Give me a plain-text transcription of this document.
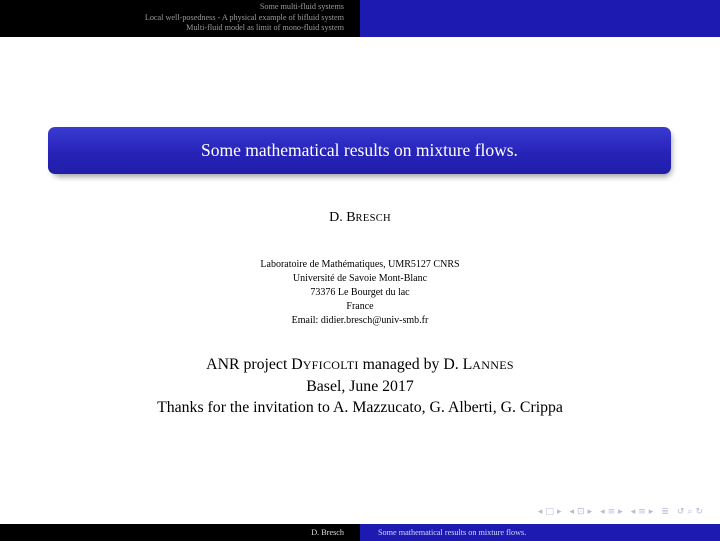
Some multi-fluid systems
Local well-posedness - A physical example of bifluid system
Multi-fluid model as limit of mono-fluid system
Some mathematical results on mixture flows.
D. BRESCH
Laboratoire de Mathématiques, UMR5127 CNRS
Université de Savoie Mont-Blanc
73376 Le Bourget du lac
France
Email: didier.bresch@univ-smb.fr
ANR project DYFICOLTI managed by D. LANNES
Basel, June 2017
Thanks for the invitation to A. Mazzucato, G. Alberti, G. Crippa
◂ □ ▸ ◂ ⊡ ▸ ◂ ≡ ▸ ◂ ≡ ▸ ≣ ↺ ⌕ ↻
D. Bresch	Some mathematical results on mixture flows.
